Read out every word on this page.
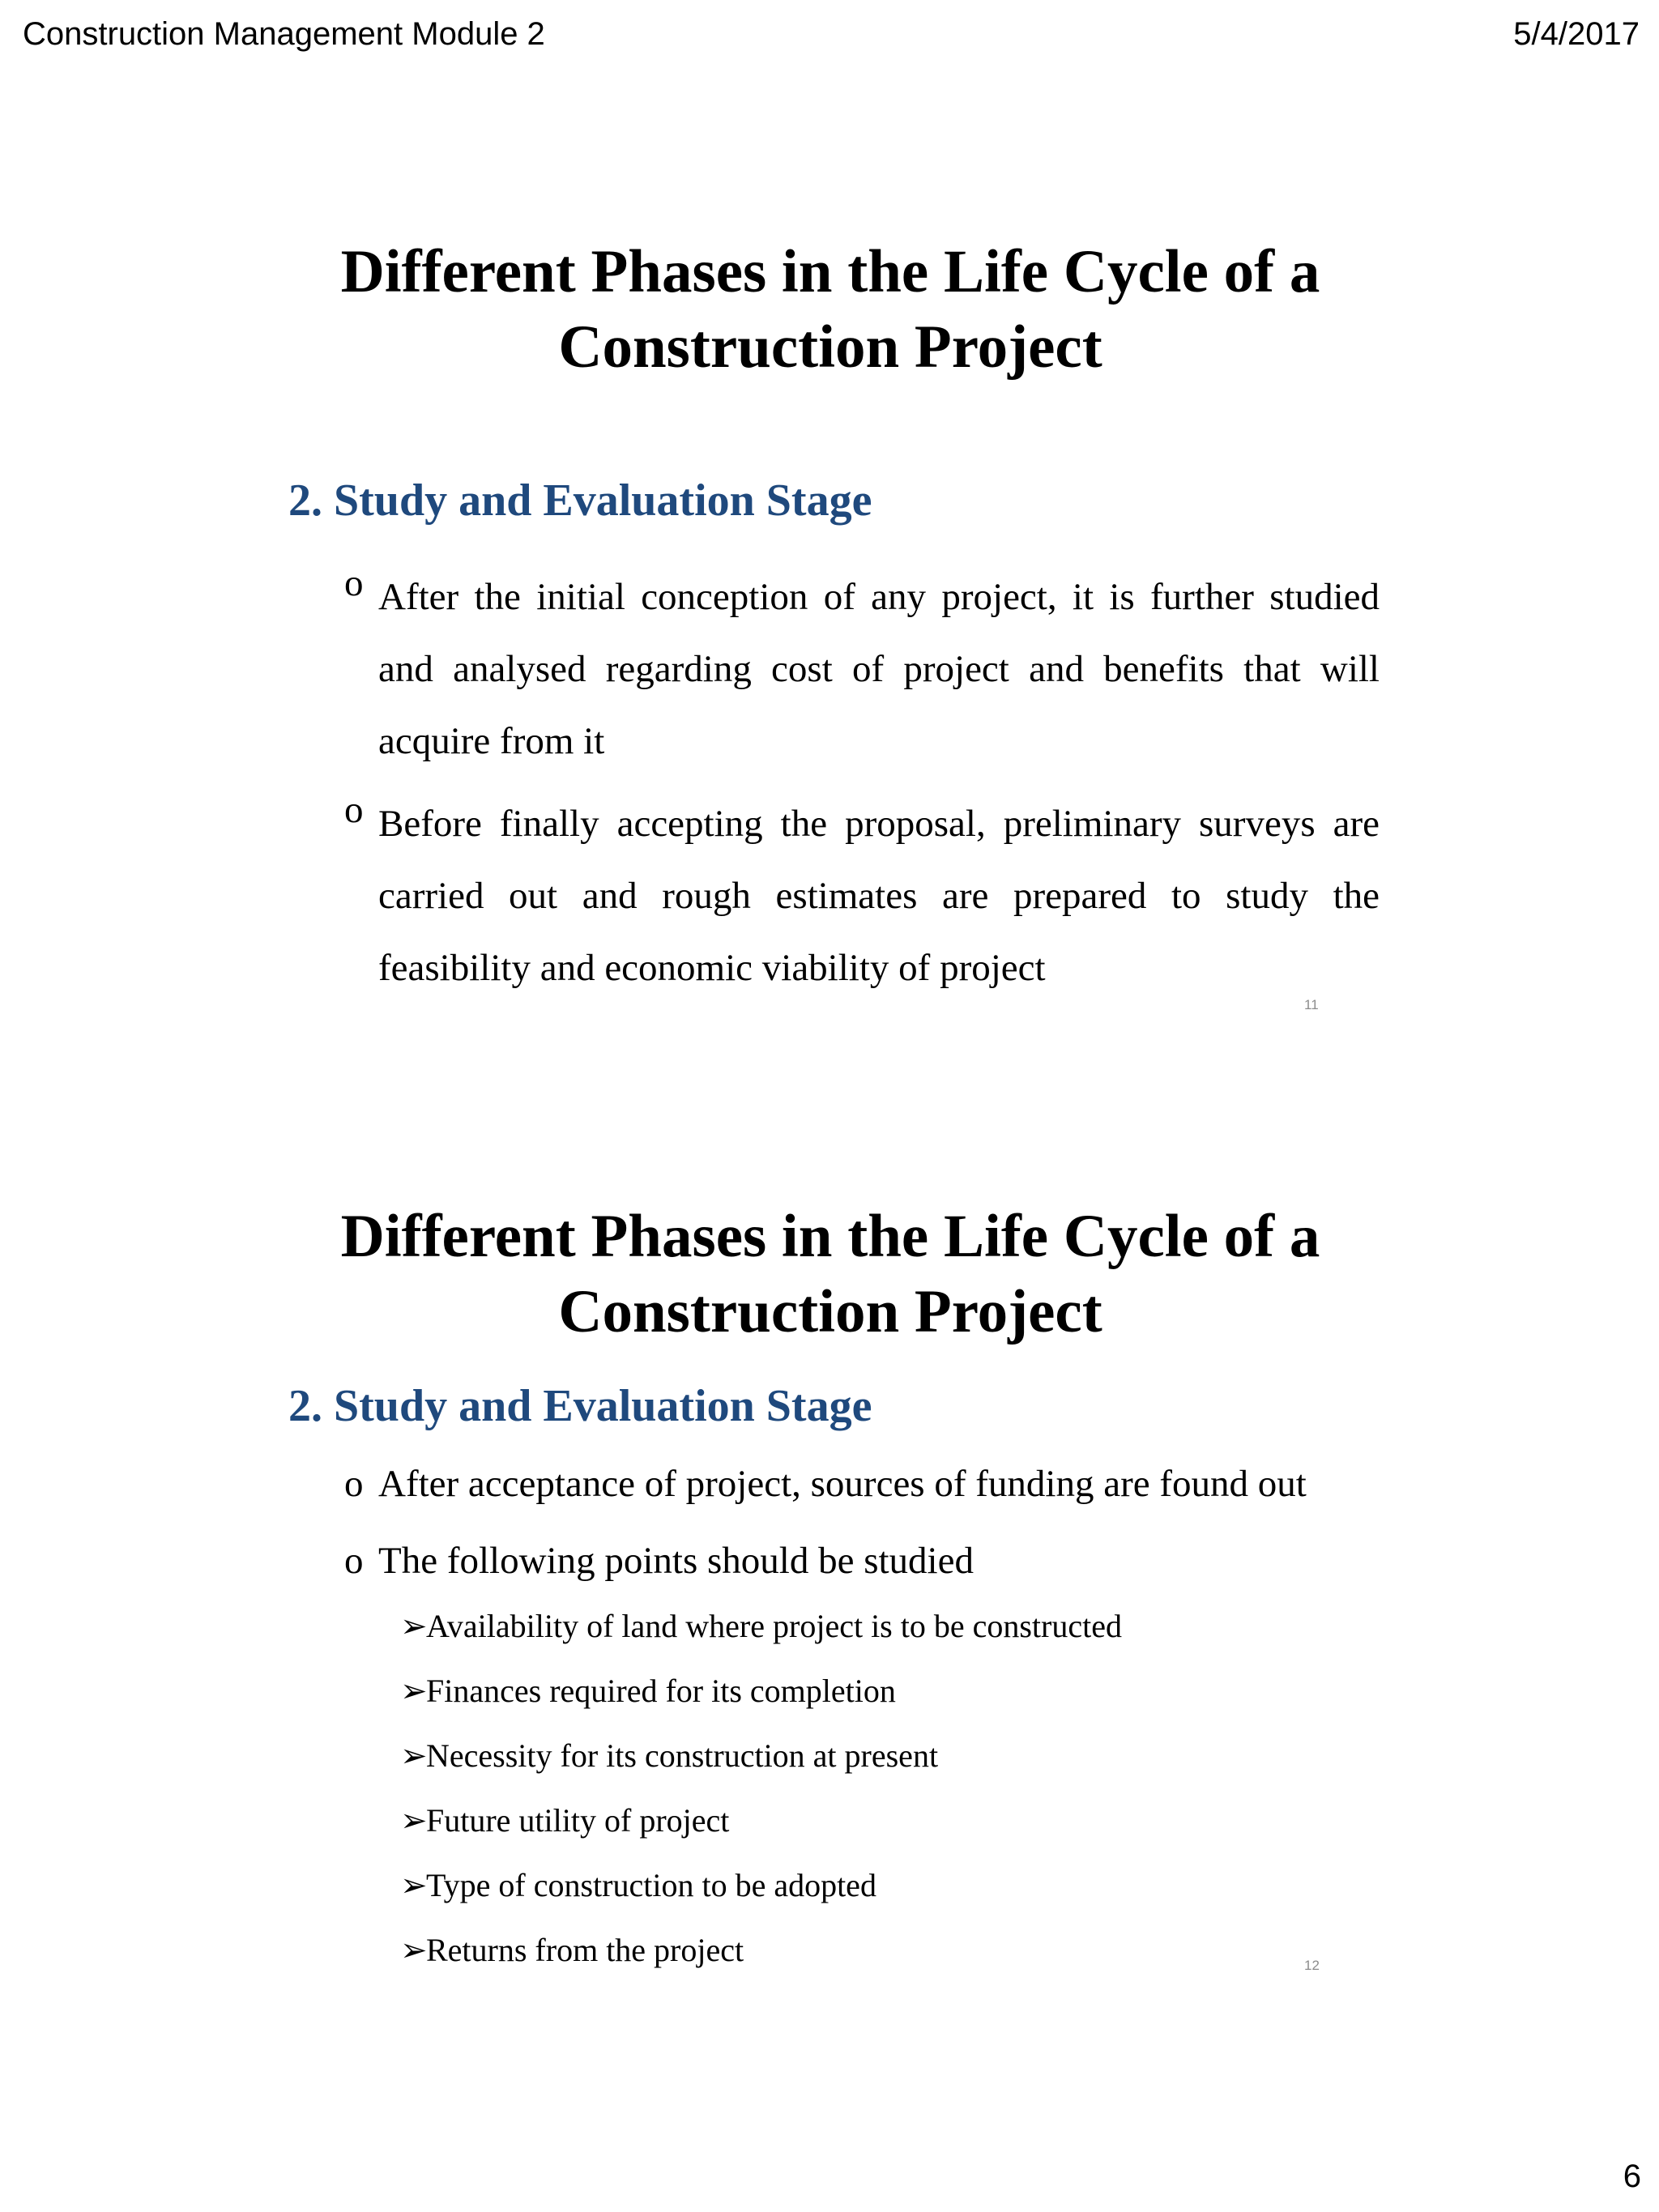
Construction Management Module 2	5/4/2017
Different Phases in the Life Cycle of a
Construction Project
2. Study and Evaluation Stage
o After the initial conception of any project, it is further studied and analysed regarding cost of project and benefits that will acquire from it
o Before finally accepting the proposal, preliminary surveys are carried out and rough estimates are prepared to study the feasibility and economic viability of project
11
Different Phases in the Life Cycle of a
Construction Project
2. Study and Evaluation Stage
o After acceptance of project, sources of funding are found out
o The following points should be studied
➢Availability of land where project is to be constructed
➢Finances required for its completion
➢Necessity for its construction at present
➢Future utility of project
➢Type of construction to be adopted
➢Returns from the project	12
6
